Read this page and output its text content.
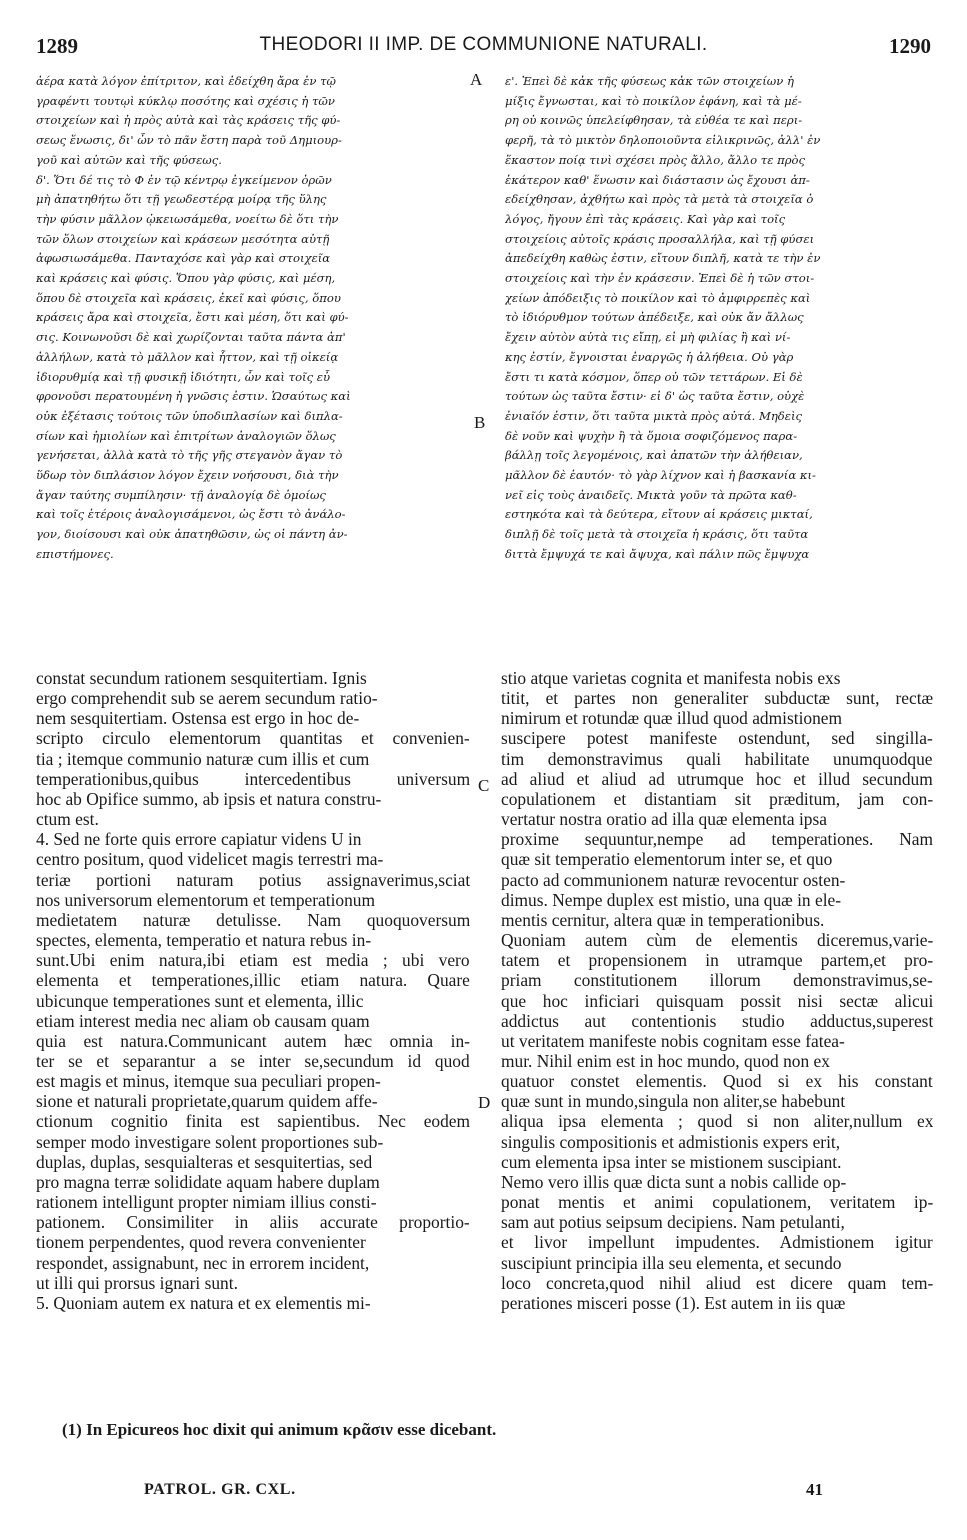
1289	THEODORI II IMP. DE COMMUNIONE NATURALI.	1290
ἀέρα κατὰ λόγον ἐπίτριτον, καὶ ἐδείχθη ἄρα ἐν τῷ
γραφέντι τουτῳὶ κύκλῳ ποσότης καὶ σχέσις ἡ τῶν
στοιχείων καὶ ἡ πρὸς αὐτὰ καὶ τὰς κράσεις τῆς φύ-
σεως ἕνωσις, δι' ὧν τὸ πᾶν ἔστη παρὰ τοῦ Δημιουρ-
γοῦ καὶ αὐτῶν καὶ τῆς φύσεως.
δ'. Ὅτι δέ τις τὸ Φ ἐν τῷ κέντρῳ ἐγκείμενον ὁρῶν
μὴ ἀπατηθήτω ὅτι τῇ γεωδεστέρᾳ μοίρᾳ τῆς ὕλης
τὴν φύσιν μᾶλλον ᾠκειωσάμεθα, νοείτω δὲ ὅτι τὴν
τῶν ὅλων στοιχείων καὶ κράσεων μεσότητα αὐτῇ
ἀφωσιωσάμεθα. Πανταχόσε καὶ γὰρ καὶ στοιχεῖα
καὶ κράσεις καὶ φύσις. Ὅπου γὰρ φύσις, καὶ μέση,
ὅπου δὲ στοιχεῖα καὶ κράσεις, ἐκεῖ καὶ φύσις, ὅπου
κράσεις ἄρα καὶ στοιχεῖα, ἔστι καὶ μέση, ὅτι καὶ φύ-
σις. Κοινωνοῦσι δὲ καὶ χωρίζονται ταῦτα πάντα ἀπ'
ἀλλήλων, κατὰ τὸ μᾶλλον καὶ ἧττον, καὶ τῇ οἰκείᾳ
ἰδιορυθμίᾳ καὶ τῇ φυσικῇ ἰδιότητι, ὧν καὶ τοῖς εὖ
φρονοῦσι περατουμένη ἡ γνῶσις ἐστιν. Ὡσαύτως καὶ
οὐκ ἐξέτασις τούτοις τῶν ὑποδιπλασίων καὶ διπλα-
σίων καὶ ἡμιολίων καὶ ἐπιτρίτων ἀναλογιῶν ὅλως
γενήσεται, ἀλλὰ κατὰ τὸ τῆς γῆς στεγανὸν ἄγαν τὸ
ὕδωρ τὸν διπλάσιον λόγον ἔχειν νοήσουσι, διὰ τὴν
ἄγαν ταύτης συμπίλησιν· τῇ ἀναλογίᾳ δὲ ὁμοίως
καὶ τοῖς ἑτέροις ἀναλογισάμενοι, ὡς ἔστι τὸ ἀνάλο-
γον, διοίσουσι καὶ οὐκ ἀπατηθῶσιν, ὡς οἱ πάντη ἀν-
επιστήμονες.
ε'. Ἐπεὶ δὲ κἀκ τῆς φύσεως κἀκ τῶν στοιχείων ἡ
μίξις ἔγνωσται, καὶ τὸ ποικίλον ἐφάνη, καὶ τὰ μέ-
ρη οὐ κοινῶς ὑπελείφθησαν, τὰ εὐθέα τε καὶ περι-
φερῆ, τὰ τὸ μικτὸν δηλοποιοῦντα εἰλικρινῶς, ἀλλ' ἐν
ἕκαστον ποίᾳ τινὶ σχέσει πρὸς ἄλλο, ἄλλο τε πρὸς
ἑκάτερον καθ' ἕνωσιν καὶ διάστασιν ὡς ἔχουσι ἀπ-
εδείχθησαν, ἀχθήτω καὶ πρὸς τὰ μετὰ τὰ στοιχεῖα ὁ
λόγος, ἤγουν ἐπὶ τὰς κράσεις. Καὶ γὰρ καὶ τοῖς
στοιχείοις αὐτοῖς κράσις προσαλλήλα, καὶ τῇ φύσει
ἀπεδείχθη καθὼς ἐστιν, εἴτουν διπλῆ, κατὰ τε τὴν ἐν
στοιχείοις καὶ τὴν ἐν κράσεσιν. Ἐπεὶ δὲ ἡ τῶν στοι-
χείων ἀπόδειξις τὸ ποικίλον καὶ τὸ ἀμφιρρεπὲς καὶ
τὸ ἰδιόρυθμον τούτων ἀπέδειξε, καὶ οὐκ ἄν ἄλλως
ἔχειν αὐτὸν αὐτὰ τις εἴπῃ, εἰ μὴ φιλίας ἢ καὶ νί-
κης ἐστίν, ἔγνοισται ἐναργῶς ἡ ἀλήθεια. Οὐ γὰρ
ἔστι τι κατὰ κόσμον, ὅπερ οὐ τῶν τεττάρων. Εἰ δὲ
τούτων ὡς ταῦτα ἔστιν· εἰ δ' ὡς ταῦτα ἔστιν, οὐχὲ
ἐνιαῖόν ἐστιν, ὅτι ταῦτα μικτὰ πρὸς αὐτά. Μηδεὶς
δὲ νοῦν καὶ ψυχὴν ἢ τὰ ὅμοια σοφιζόμενος παρα-
βάλλῃ τοῖς λεγομένοις, καὶ ἀπατῶν τὴν ἀλήθειαν,
μᾶλλον δὲ ἑαυτόν· τὸ γὰρ λίχνον καὶ ἡ βασκανία κι-
νεῖ εἰς τοὺς ἀναιδεῖς. Μικτὰ γοῦν τὰ πρῶτα καθ-
εστηκότα καὶ τὰ δεύτερα, εἴτουν αἱ κράσεις μικταί,
διπλῇ δὲ τοῖς μετὰ τὰ στοιχεῖα ἡ κράσις, ὅτι ταῦτα
διττὰ ἔμψυχά τε καὶ ἄψυχα, καὶ πάλιν πῶς ἔμψυχα
A
B
C
D
constat secundum rationem sesquitertiam. Ignis
ergo comprehendit sub se aerem secundum ratio-
nem sesquitertiam. Ostensa est ergo in hoc de-
scripto circulo elementorum quantitas et convenien-
tia ; itemque communio naturæ cum illis et cum
temperationibus,quibus intercedentibus universum
hoc ab Opifice summo, ab ipsis et natura constru-
ctum est.
4. Sed ne forte quis errore capiatur videns U in
centro positum, quod videlicet magis terrestri ma-
teriæ portioni naturam potius assignaverimus,sciat
nos universorum elementorum et temperationum
medietatem naturæ detulisse. Nam quoquoversum
spectes, elementa, temperatio et natura rebus in-
sunt.Ubi enim natura,ibi etiam est media ; ubi vero
elementa et temperationes,illic etiam natura. Quare
ubicunque temperationes sunt et elementa, illic
etiam interest media nec aliam ob causam quam
quia est natura.Communicant autem hæc omnia in-
ter se et separantur a se inter se,secundum id quod
est magis et minus, itemque sua peculiari propen-
sione et naturali proprietate,quarum quidem affe-
ctionum cognitio finita est sapientibus. Nec eodem
semper modo investigare solent proportiones sub-
duplas, duplas, sesquialteras et sesquitertias, sed
pro magna terræ solididate aquam habere duplam
rationem intelligunt propter nimiam illius consti-
pationem. Consimiliter in aliis accurate proportio-
tionem perpendentes, quod revera convenienter
respondet, assignabunt, nec in errorem incident,
ut illi qui prorsus ignari sunt.
5. Quoniam autem ex natura et ex elementis mi-
stio atque varietas cognita et manifesta nobis exs
titit, et partes non generaliter subductæ sunt, rectæ
nimirum et rotundæ quæ illud quod admistionem
suscipere potest manifeste ostendunt, sed singilla-
tim demonstravimus quali habilitate unumquodque
ad aliud et aliud ad utrumque hoc et illud secundum
copulationem et distantiam sit præditum, jam con-
vertatur nostra oratio ad illa quæ elementa ipsa
proxime sequuntur,nempe ad temperationes. Nam
quæ sit temperatio elementorum inter se, et quo
pacto ad communionem naturæ revocentur osten-
dimus. Nempe duplex est mistio, una quæ in ele-
mentis cernitur, altera quæ in temperationibus.
Quoniam autem cùm de elementis diceremus,varie-
tatem et propensionem in utramque partem,et pro-
priam constitutionem illorum demonstravimus,se-
que hoc inficiari quisquam possit nisi sectæ alicui
addictus aut contentionis studio adductus,superest
ut veritatem manifeste nobis cognitam esse fatea-
mur. Nihil enim est in hoc mundo, quod non ex
quatuor constet elementis. Quod si ex his constant
quæ sunt in mundo,singula non aliter,se habebunt
aliqua ipsa elementa ; quod si non aliter,nullum ex
singulis compositionis et admistionis expers erit,
cum elementa ipsa inter se mistionem suscipiant.
Nemo vero illis quæ dicta sunt a nobis callide op-
ponat mentis et animi copulationem, veritatem ip-
sam aut potius seipsum decipiens. Nam petulanti,
et livor impellunt impudentes. Admistionem igitur
suscipiunt principia illa seu elementa, et secundo
loco concreta,quod nihil aliud est dicere quam tem-
perationes misceri posse (1). Est autem in iis quæ
(1) In Epicureos hoc dixit qui animum κρᾶσιν esse dicebant.
PATROL. GR. CXL.	41
